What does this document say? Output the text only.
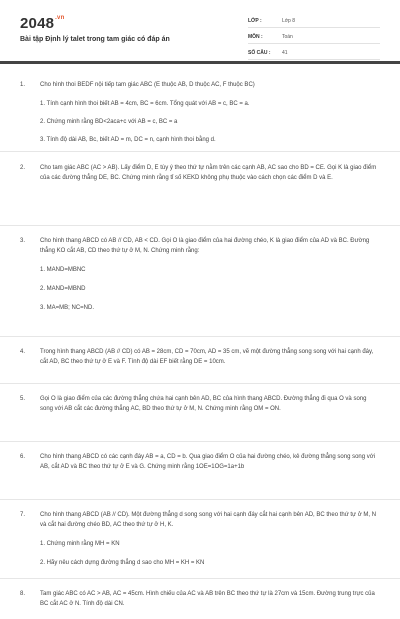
$2048^{.vn}$
Bài tập Định lý talet trong tam giác có đáp án
LỚP :	Lớp 8
MÔN :	Toán
SỐ CÂU :	41
1.	Cho hình thoi BEDF nội tiếp tam giác ABC (E thuộc AB, D thuộc AC, F thuộc BC)
1. Tính cạnh hình thoi biết AB = 4cm, BC = 6cm. Tổng quát với AB = c, BC = a.
2. Chứng minh rằng BD<2aca+c với AB = c, BC = a
3. Tính độ dài AB, Bc, biết AD = m, DC = n, cạnh hình thoi bằng d.
2.	Cho tam giác ABC (AC > AB). Lấy điểm D, E tùy ý theo thứ tự nằm trên các cạnh AB, AC sao cho BD = CE. Gọi K là giao điểm của các đường thẳng DE, BC. Chứng minh rằng tỉ số KEKD không phụ thuộc vào cách chọn các điểm D và E.
3.	Cho hình thang ABCD có AB // CD, AB < CD. Gọi O là giao điểm của hai đường chéo, K là giao điểm của AD và BC. Đường thẳng KO cắt AB, CD theo thứ tự ở M, N. Chứng minh rằng:
1. MAND=MBNC
2. MAND=MBND
3. MA=MB; NC=ND.
4.	Trong hình thang ABCD (AB // CD) có AB = 28cm, CD = 70cm, AD = 35 cm, vẽ một đường thẳng song song với hai cạnh đáy, cắt AD, BC theo thứ tự ở E và F. Tính độ dài EF biết rằng DE = 10cm.
5.	Gọi O là giao điểm của các đường thẳng chứa hai cạnh bên AD, BC của hình thang ABCD. Đường thẳng đi qua O và song song với AB cắt các đường thẳng AC, BD theo thứ tự ở M, N. Chứng minh rằng OM = ON.
6.	Cho hình thang ABCD có các cạnh đáy AB = a, CD = b. Qua giao điểm O của hai đường chéo, kẻ đường thẳng song song với AB, cắt AD và BC theo thứ tự ở E và G. Chứng minh rằng 1OE=1OG=1a+1b
7.	Cho hình thang ABCD (AB // CD). Một đường thẳng d song song với hai cạnh đáy cắt hai cạnh bên AD, BC theo thứ tự ở M, N và cắt hai đường chéo BD, AC theo thứ tự ở H, K.
1. Chứng minh rằng MH = KN
2. Hãy nêu cách dựng đường thẳng d sao cho MH = KH = KN
8.	Tam giác ABC có AC > AB, AC = 45cm. Hình chiếu của AC và AB trên BC theo thứ tự là 27cm và 15cm. Đường trung trực của BC cắt AC ở N. Tính độ dài CN.
